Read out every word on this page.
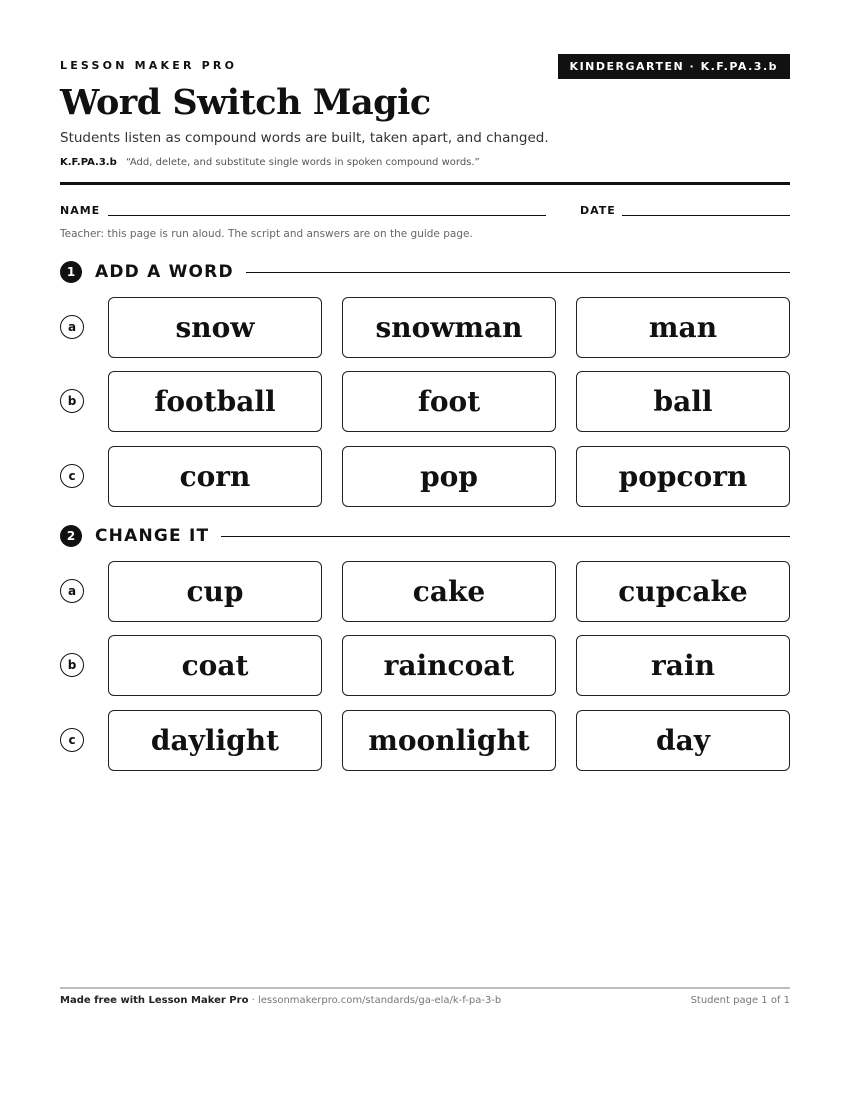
LESSON MAKER PRO	KINDERGARTEN · K.F.PA.3.b
Word Switch Magic
Students listen as compound words are built, taken apart, and changed.
K.F.PA.3.b “Add, delete, and substitute single words in spoken compound words.”
NAME	DATE
Teacher: this page is run aloud. The script and answers are on the guide page.
1	ADD A WORD
a	snow	snowman	man
b	football	foot	ball
c	corn	pop	popcorn
2	CHANGE IT
a	cup	cake	cupcake
b	coat	raincoat	rain
c	daylight	moonlight	day
Made free with Lesson Maker Pro · lessonmakerpro.com/standards/ga-ela/k-f-pa-3-b	Student page 1 of 1
